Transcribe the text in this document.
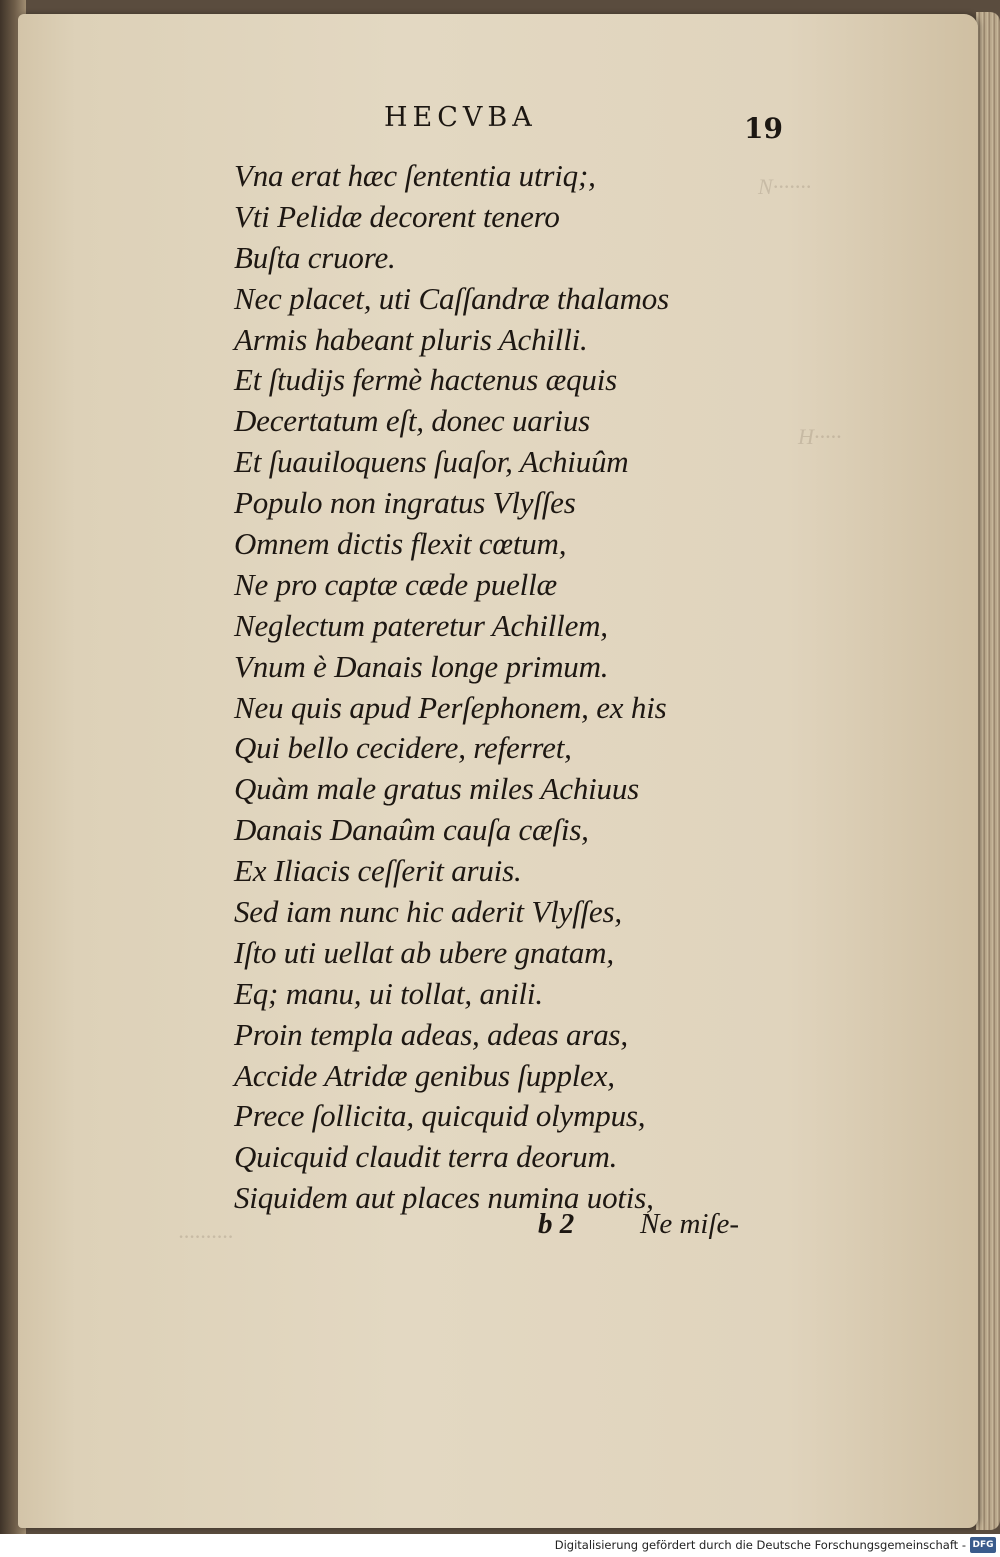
N·······
H·····
··········
HECVBA	19
Vna erat hæc ſententia utriq;,
Vti Pelidæ decorent tenero
Buſta cruore.
Nec placet, uti Caſſandræ thalamos
Armis habeant pluris Achilli.
Et ſtudijs fermè hactenus æquis
Decertatum eſt, donec uarius
Et ſuauiloquens ſuaſor, Achiuûm
Populo non ingratus Vlyſſes
Omnem dictis flexit cœtum,
Ne pro captæ cæde puellæ
Neglectum pateretur Achillem,
Vnum è Danais longe primum.
Neu quis apud Perſephonem, ex his
Qui bello cecidere, referret,
Quàm male gratus miles Achiuus
Danais Danaûm cauſa cæſis,
Ex Iliacis ceſſerit aruis.
Sed iam nunc hic aderit Vlyſſes,
Iſto uti uellat ab ubere gnatam,
Eq; manu, ui tollat, anili.
Proin templa adeas, adeas aras,
Accide Atridæ genibus ſupplex,
Prece ſollicita, quicquid olympus,
Quicquid claudit terra deorum.
Siquidem aut places numina uotis,
b 2 Ne miſe-
Digitalisierung gefördert durch die Deutsche Forschungsgemeinschaft - DFG
